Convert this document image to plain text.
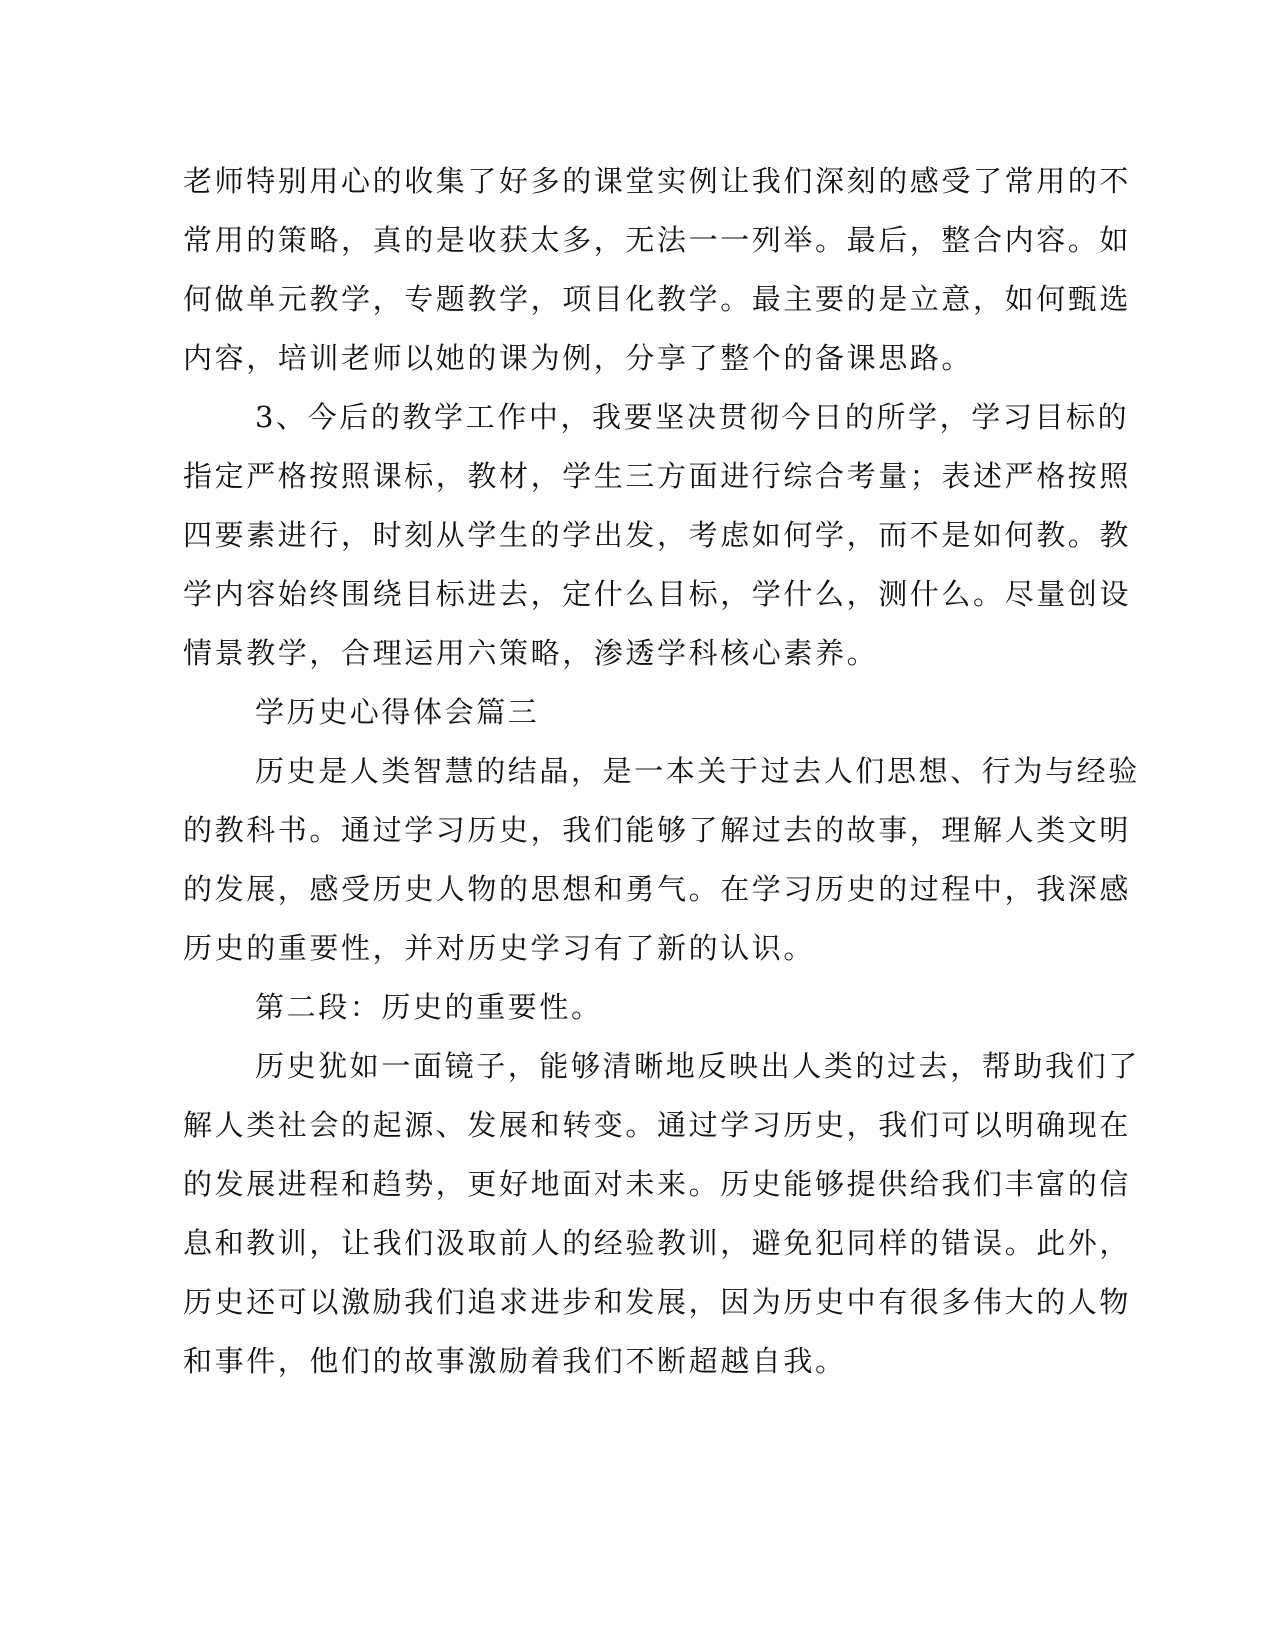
老师特别用心的收集了好多的课堂实例让我们深刻的感受了常用的不
常用的策略，真的是收获太多，无法一一列举。最后，整合内容。如
何做单元教学，专题教学，项目化教学。最主要的是立意，如何甄选
内容，培训老师以她的课为例，分享了整个的备课思路。
3、今后的教学工作中，我要坚决贯彻今日的所学，学习目标的
指定严格按照课标，教材，学生三方面进行综合考量；表述严格按照
四要素进行，时刻从学生的学出发，考虑如何学，而不是如何教。教
学内容始终围绕目标进去，定什么目标，学什么，测什么。尽量创设
情景教学，合理运用六策略，渗透学科核心素养。
学历史心得体会篇三
历史是人类智慧的结晶，是一本关于过去人们思想、行为与经验
的教科书。通过学习历史，我们能够了解过去的故事，理解人类文明
的发展，感受历史人物的思想和勇气。在学习历史的过程中，我深感
历史的重要性，并对历史学习有了新的认识。
第二段：历史的重要性。
历史犹如一面镜子，能够清晰地反映出人类的过去，帮助我们了
解人类社会的起源、发展和转变。通过学习历史，我们可以明确现在
的发展进程和趋势，更好地面对未来。历史能够提供给我们丰富的信
息和教训，让我们汲取前人的经验教训，避免犯同样的错误。此外，
历史还可以激励我们追求进步和发展，因为历史中有很多伟大的人物
和事件，他们的故事激励着我们不断超越自我。
